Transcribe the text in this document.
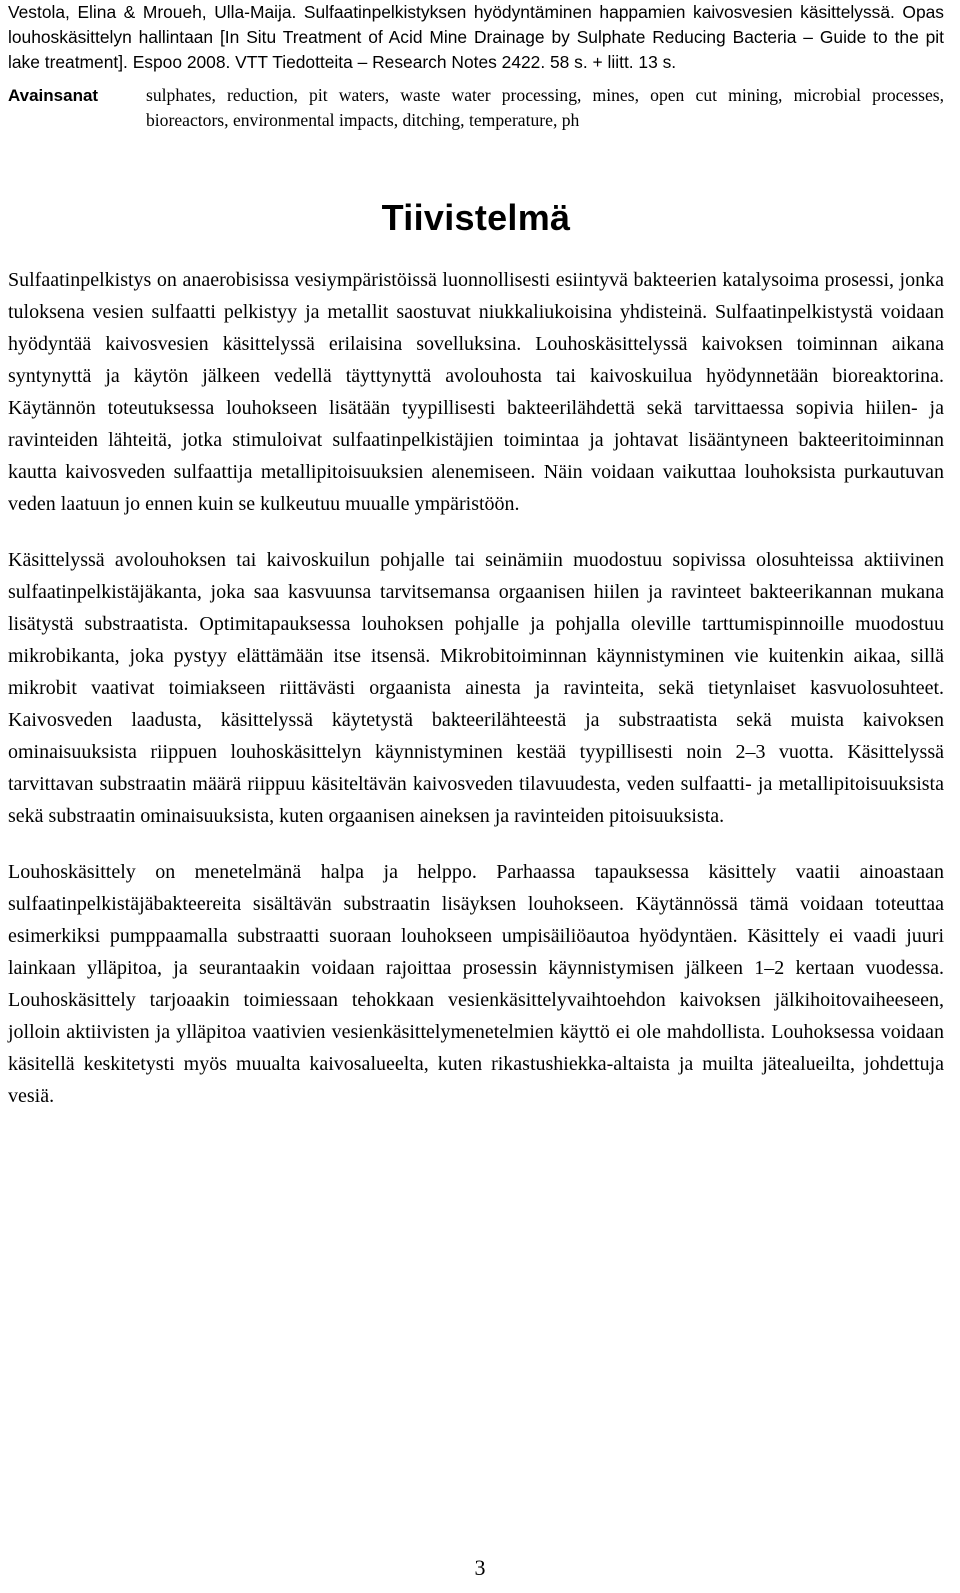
Vestola, Elina & Mroueh, Ulla-Maija. Sulfaatinpelkistyksen hyödyntäminen happamien kaivosvesien käsittelyssä. Opas louhoskäsittelyn hallintaan [In Situ Treatment of Acid Mine Drainage by Sulphate Reducing Bacteria – Guide to the pit lake treatment]. Espoo 2008. VTT Tiedotteita – Research Notes 2422. 58 s. + liitt. 13 s.

Avainsanat	sulphates, reduction, pit waters, waste water processing, mines, open cut mining, microbial processes, bioreactors, environmental impacts, ditching, temperature, ph
Tiivistelmä

Sulfaatinpelkistys on anaerobisissa vesiympäristöissä luonnollisesti esiintyvä bakteerien katalysoima prosessi, jonka tuloksena vesien sulfaatti pelkistyy ja metallit saostuvat niukkaliukoisina yhdisteinä. Sulfaatinpelkistystä voidaan hyödyntää kaivosvesien käsittelyssä erilaisina sovelluksina. Louhoskäsittelyssä kaivoksen toiminnan aikana syntynyttä ja käytön jälkeen vedellä täyttynyttä avolouhosta tai kaivoskuilua hyödynnetään bioreaktorina. Käytännön toteutuksessa louhokseen lisätään tyypillisesti bakteerilähdettä sekä tarvittaessa sopivia hiilen- ja ravinteiden lähteitä, jotka stimuloivat sulfaatinpelkistäjien toimintaa ja johtavat lisääntyneen bakteeritoiminnan kautta kaivosveden sulfaattija metallipitoisuuksien alenemiseen. Näin voidaan vaikuttaa louhoksista purkautuvan veden laatuun jo ennen kuin se kulkeutuu muualle ympäristöön.

Käsittelyssä avolouhoksen tai kaivoskuilun pohjalle tai seinämiin muodostuu sopivissa olosuhteissa aktiivinen sulfaatinpelkistäjäkanta, joka saa kasvuunsa tarvitsemansa orgaanisen hiilen ja ravinteet bakteerikannan mukana lisätystä substraatista. Optimitapauksessa louhoksen pohjalle ja pohjalla oleville tarttumispinnoille muodostuu mikrobikanta, joka pystyy elättämään itse itsensä. Mikrobitoiminnan käynnistyminen vie kuitenkin aikaa, sillä mikrobit vaativat toimiakseen riittävästi orgaanista ainesta ja ravinteita, sekä tietynlaiset kasvuolosuhteet. Kaivosveden laadusta, käsittelyssä käytetystä bakteerilähteestä ja substraatista sekä muista kaivoksen ominaisuuksista riippuen louhoskäsittelyn käynnistyminen kestää tyypillisesti noin 2–3 vuotta. Käsittelyssä tarvittavan substraatin määrä riippuu käsiteltävän kaivosveden tilavuudesta, veden sulfaatti- ja metallipitoisuuksista sekä substraatin ominaisuuksista, kuten orgaanisen aineksen ja ravinteiden pitoisuuksista.

Louhoskäsittely on menetelmänä halpa ja helppo. Parhaassa tapauksessa käsittely vaatii ainoastaan sulfaatinpelkistäjäbakteereita sisältävän substraatin lisäyksen louhokseen. Käytännössä tämä voidaan toteuttaa esimerkiksi pumppaamalla substraatti suoraan louhokseen umpisäiliöautoa hyödyntäen. Käsittely ei vaadi juuri lainkaan ylläpitoa, ja seurantaakin voidaan rajoittaa prosessin käynnistymisen jälkeen 1–2 kertaan vuodessa. Louhoskäsittely tarjoaakin toimiessaan tehokkaan vesienkäsittelyvaihtoehdon kaivoksen jälkihoitovaiheeseen, jolloin aktiivisten ja ylläpitoa vaativien vesienkäsittelymenetelmien käyttö ei ole mahdollista. Louhoksessa voidaan käsitellä keskitetysti myös muualta kaivosalueelta, kuten rikastushiekka-altaista ja muilta jätealueilta, johdettuja vesiä.

3
